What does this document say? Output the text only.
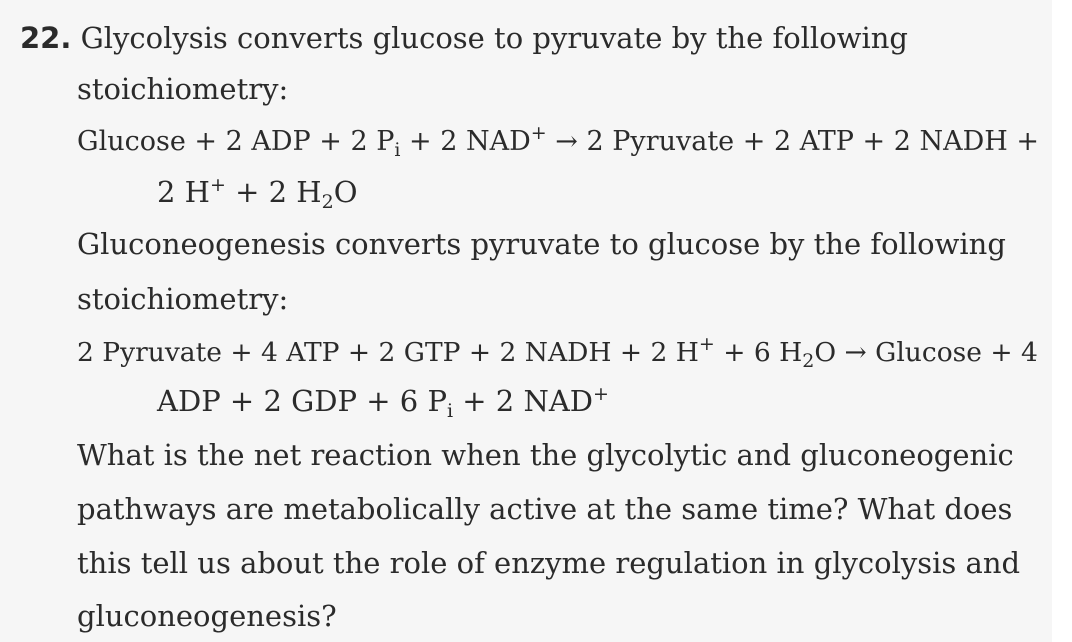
22. Glycolysis converts glucose to pyruvate by the following
stoichiometry:
Glucose + 2 ADP + 2 $P_i + 2$ NAD+ → 2 Pyruvate + 2 ATP + 2 NADH +
2 H+ + 2 $H_2O$
Gluconeogenesis converts pyruvate to glucose by the following
stoichiometry:
2 Pyruvate + 4 ATP + 2 GTP + 2 NADH + 2 H+ + 6 $H_2O \to Glucose + 4$
ADP + 2 GDP + 6 $P_i + 2$ NAD+
What is the net reaction when the glycolytic and gluconeogenic
pathways are metabolically active at the same time? What does
this tell us about the role of enzyme regulation in glycolysis and
gluconeogenesis?
